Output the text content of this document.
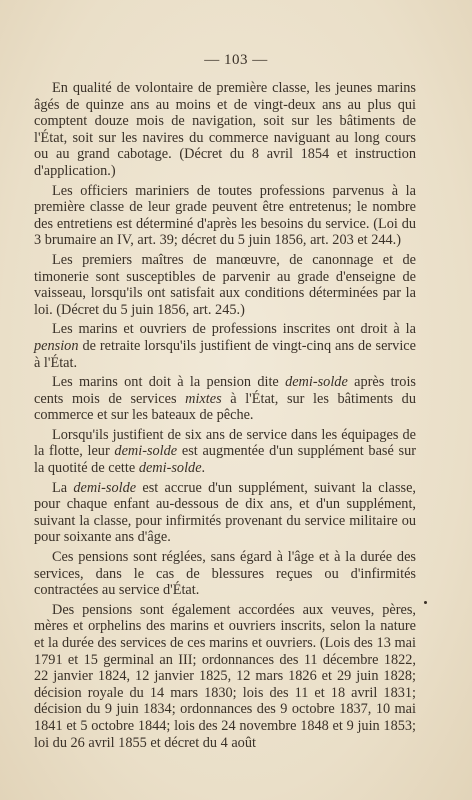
— 103 —

En qualité de volontaire de première classe, les jeunes marins âgés de quinze ans au moins et de vingt-deux ans au plus qui comptent douze mois de navigation, soit sur les bâtiments de l'État, soit sur les navires du commerce naviguant au long cours ou au grand cabotage. (Décret du 8 avril 1854 et instruction d'application.)

Les officiers mariniers de toutes professions parvenus à la première classe de leur grade peuvent être entretenus; le nombre des entretiens est déterminé d'après les besoins du service. (Loi du 3 brumaire an IV, art. 39; décret du 5 juin 1856, art. 203 et 244.)

Les premiers maîtres de manœuvre, de canonnage et de timonerie sont susceptibles de parvenir au grade d'enseigne de vaisseau, lorsqu'ils ont satisfait aux conditions déterminées par la loi. (Décret du 5 juin 1856, art. 245.)

Les marins et ouvriers de professions inscrites ont droit à la pension de retraite lorsqu'ils justifient de vingt-cinq ans de service à l'État.

Les marins ont doit à la pension dite demi-solde après trois cents mois de services mixtes à l'État, sur les bâtiments du commerce et sur les bateaux de pêche.

Lorsqu'ils justifient de six ans de service dans les équipages de la flotte, leur demi-solde est augmentée d'un supplément basé sur la quotité de cette demi-solde.

La demi-solde est accrue d'un supplément, suivant la classe, pour chaque enfant au-dessous de dix ans, et d'un supplément, suivant la classe, pour infirmités provenant du service militaire ou pour soixante ans d'âge.

Ces pensions sont réglées, sans égard à l'âge et à la durée des services, dans le cas de blessures reçues ou d'infirmités contractées au service d'État.

Des pensions sont également accordées aux veuves, pères, mères et orphelins des marins et ouvriers inscrits, selon la nature et la durée des services de ces marins et ouvriers. (Lois des 13 mai 1791 et 15 germinal an III; ordonnances des 11 décembre 1822, 22 janvier 1824, 12 janvier 1825, 12 mars 1826 et 29 juin 1828; décision royale du 14 mars 1830; lois des 11 et 18 avril 1831; décision du 9 juin 1834; ordonnances des 9 octobre 1837, 10 mai 1841 et 5 octobre 1844; lois des 24 novembre 1848 et 9 juin 1853; loi du 26 avril 1855 et décret du 4 août
